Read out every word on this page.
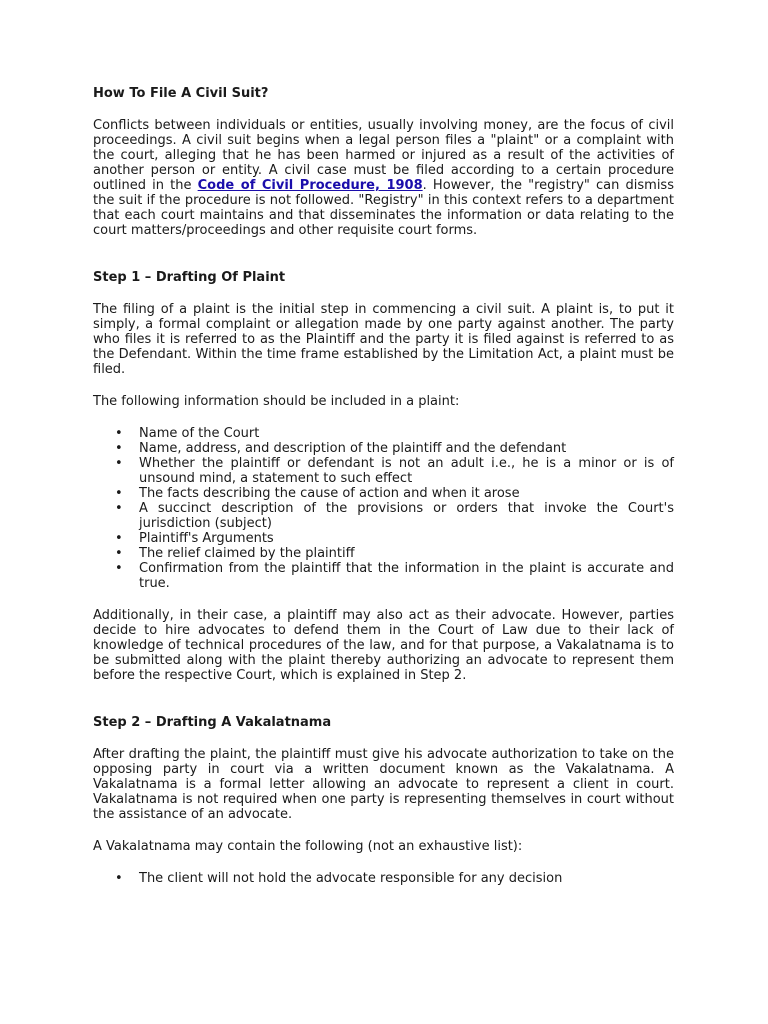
How To File A Civil Suit?

Conflicts between individuals or entities, usually involving money, are the focus of civil proceedings. A civil suit begins when a legal person files a "plaint" or a complaint with the court, alleging that he has been harmed or injured as a result of the activities of another person or entity. A civil case must be filed according to a certain procedure outlined in the Code of Civil Procedure, 1908. However, the "registry" can dismiss the suit if the procedure is not followed. "Registry" in this context refers to a department that each court maintains and that disseminates the information or data relating to the court matters/proceedings and other requisite court forms.

Step 1 – Drafting Of Plaint

The filing of a plaint is the initial step in commencing a civil suit. A plaint is, to put it simply, a formal complaint or allegation made by one party against another. The party who files it is referred to as the Plaintiff and the party it is filed against is referred to as the Defendant. Within the time frame established by the Limitation Act, a plaint must be filed.

The following information should be included in a plaint:

• Name of the Court
• Name, address, and description of the plaintiff and the defendant
• Whether the plaintiff or defendant is not an adult i.e., he is a minor or is of unsound mind, a statement to such effect
• The facts describing the cause of action and when it arose
• A succinct description of the provisions or orders that invoke the Court's jurisdiction (subject)
• Plaintiff's Arguments
• The relief claimed by the plaintiff
• Confirmation from the plaintiff that the information in the plaint is accurate and true.

Additionally, in their case, a plaintiff may also act as their advocate. However, parties decide to hire advocates to defend them in the Court of Law due to their lack of knowledge of technical procedures of the law, and for that purpose, a Vakalatnama is to be submitted along with the plaint thereby authorizing an advocate to represent them before the respective Court, which is explained in Step 2.

Step 2 – Drafting A Vakalatnama

After drafting the plaint, the plaintiff must give his advocate authorization to take on the opposing party in court via a written document known as the Vakalatnama. A Vakalatnama is a formal letter allowing an advocate to represent a client in court. Vakalatnama is not required when one party is representing themselves in court without the assistance of an advocate.

A Vakalatnama may contain the following (not an exhaustive list):

• The client will not hold the advocate responsible for any decision
